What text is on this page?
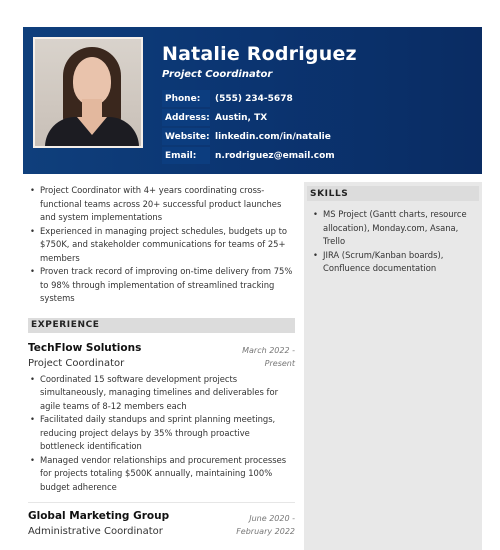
Natalie Rodriguez
Project Coordinator
Phone:	(555) 234-5678
Address: Austin, TX
Website: linkedin.com/in/natalie
Email:	n.rodriguez@email.com
• Project Coordinator with 4+ years coordinating cross-functional teams across 20+ successful product launches and system implementations
• Experienced in managing project schedules, budgets up to $750K, and stakeholder communications for teams of 25+ members
• Proven track record of improving on-time delivery from 75% to 98% through implementation of streamlined tracking systems
EXPERIENCE
TechFlow Solutions	March 2022 -
Present
Project Coordinator
• Coordinated 15 software development projects simultaneously, managing timelines and deliverables for agile teams of 8-12 members each
• Facilitated daily standups and sprint planning meetings, reducing project delays by 35% through proactive bottleneck identification
• Managed vendor relationships and procurement processes for projects totaling $500K annually, maintaining 100% budget adherence
Global Marketing Group	June 2020 -
February 2022
Administrative Coordinator
SKILLS
• MS Project (Gantt charts, resource allocation), Monday.com, Asana, Trello
• JIRA (Scrum/Kanban boards), Confluence documentation
